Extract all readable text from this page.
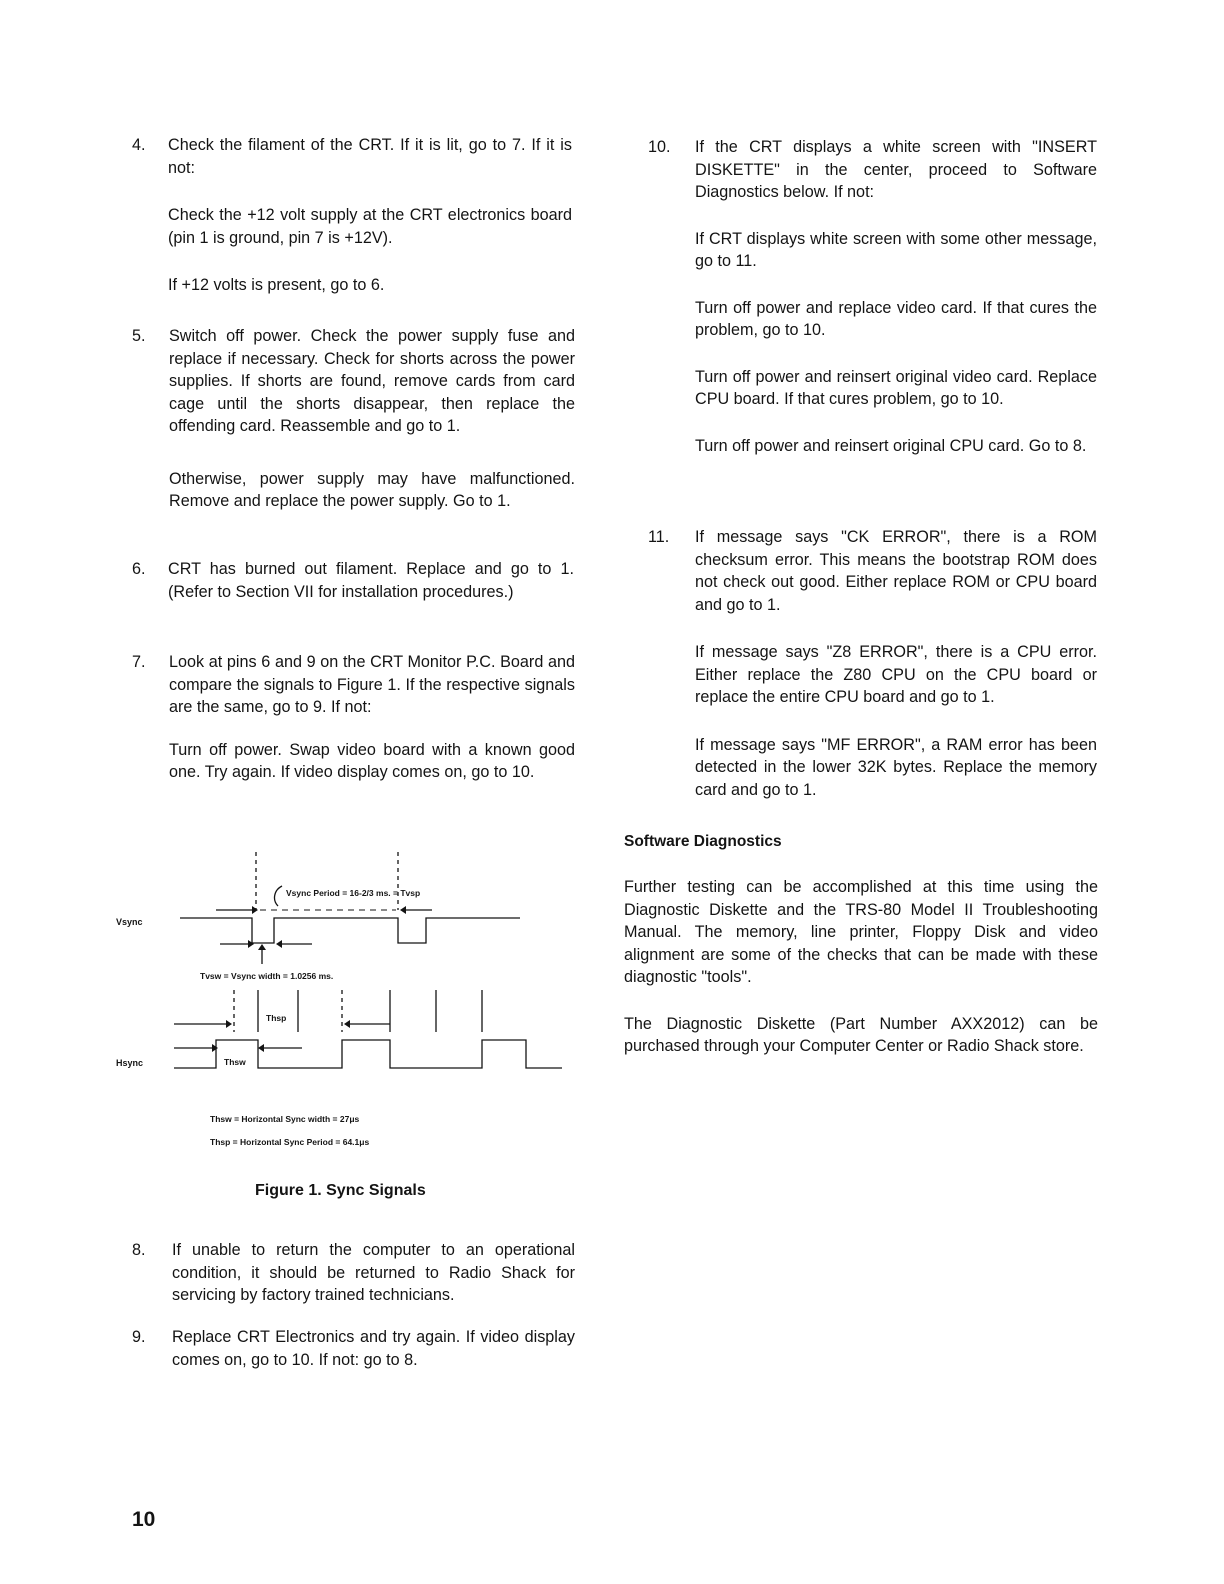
4. Check the filament of the CRT. If it is lit, go to 7. If it is not:

Check the +12 volt supply at the CRT electronics board (pin 1 is ground, pin 7 is +12V).

If +12 volts is present, go to 6.

5. Switch off power. Check the power supply fuse and replace if necessary. Check for shorts across the power supplies. If shorts are found, remove cards from card cage until the shorts disappear, then replace the offending card. Reassemble and go to 1.

Otherwise, power supply may have malfunctioned. Remove and replace the power supply. Go to 1.

6. CRT has burned out filament. Replace and go to 1. (Refer to Section VII for installation procedures.)

7. Look at pins 6 and 9 on the CRT Monitor P.C. Board and compare the signals to Figure 1. If the respective signals are the same, go to 9. If not:

Turn off power. Swap video board with a known good one. Try again. If video display comes on, go to 10.

Vsync
Hsync
Vsync Period = 16-2/3 ms. = Tvsp
Tvsw = Vsync width = 1.0256 ms.
Thsp
Thsw
Thsw = Horizontal Sync width = 27μs
Thsp = Horizontal Sync Period = 64.1μs
Figure 1. Sync Signals
8. If unable to return the computer to an operational condition, it should be returned to Radio Shack for servicing by factory trained technicians.

9. Replace CRT Electronics and try again. If video display comes on, go to 10. If not: go to 8.

10
10. If the CRT displays a white screen with "INSERT DISKETTE" in the center, proceed to Software Diagnostics below. If not:

If CRT displays white screen with some other message, go to 11.

Turn off power and replace video card. If that cures the problem, go to 10.

Turn off power and reinsert original video card. Replace CPU board. If that cures problem, go to 10.

Turn off power and reinsert original CPU card. Go to 8.

11. If message says "CK ERROR", there is a ROM checksum error. This means the bootstrap ROM does not check out good. Either replace ROM or CPU board and go to 1.

If message says "Z8 ERROR", there is a CPU error. Either replace the Z80 CPU on the CPU board or replace the entire CPU board and go to 1.

If message says "MF ERROR", a RAM error has been detected in the lower 32K bytes. Replace the memory card and go to 1.

Software Diagnostics

Further testing can be accomplished at this time using the Diagnostic Diskette and the TRS-80 Model II Troubleshooting Manual. The memory, line printer, Floppy Disk and video alignment are some of the checks that can be made with these diagnostic "tools".

The Diagnostic Diskette (Part Number AXX2012) can be purchased through your Computer Center or Radio Shack store.
